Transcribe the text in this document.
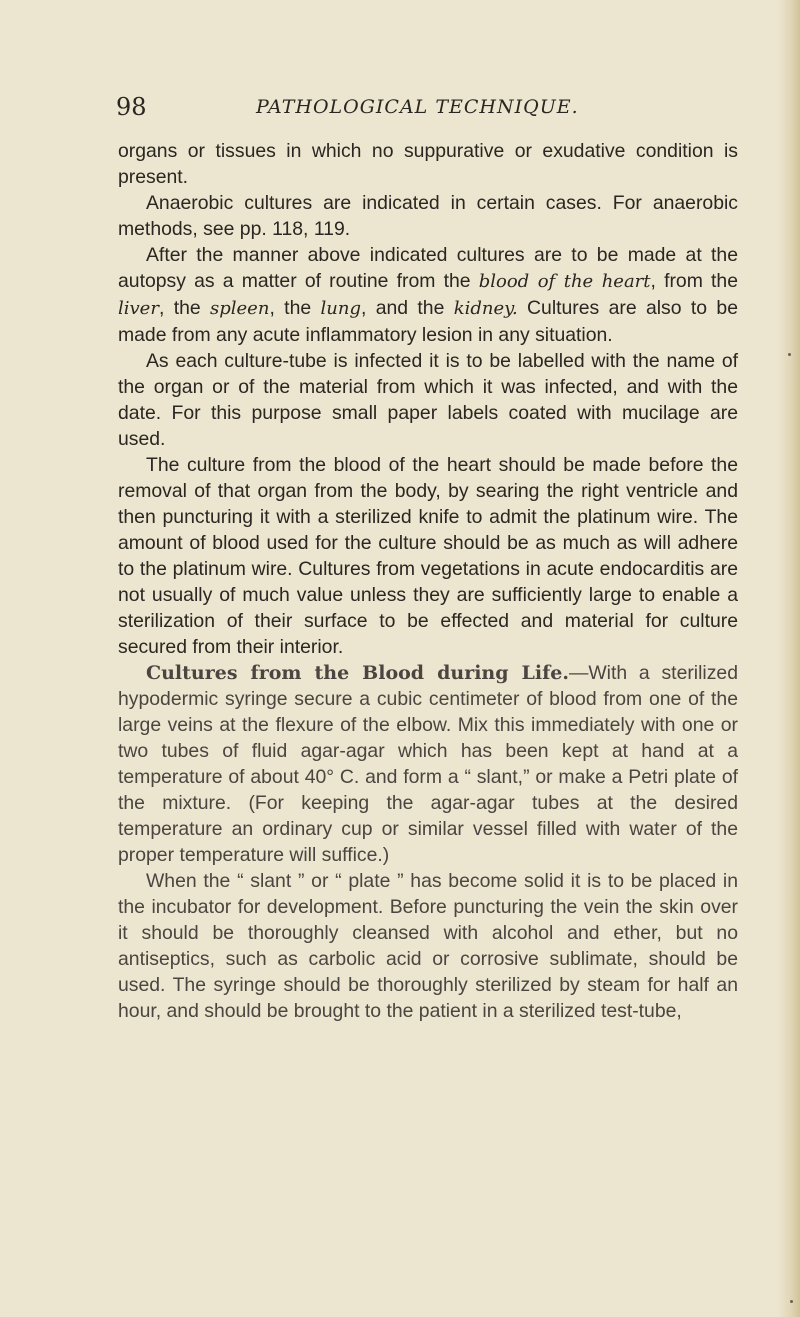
98	PATHOLOGICAL TECHNIQUE.

organs or tissues in which no suppurative or exudative condition is present.

Anaerobic cultures are indicated in certain cases. For anaerobic methods, see pp. 118, 119.

After the manner above indicated cultures are to be made at the autopsy as a matter of routine from the blood of the heart, from the liver, the spleen, the lung, and the kidney. Cultures are also to be made from any acute inflammatory lesion in any situation.

As each culture-tube is infected it is to be labelled with the name of the organ or of the material from which it was infected, and with the date. For this purpose small paper labels coated with mucilage are used.

The culture from the blood of the heart should be made before the removal of that organ from the body, by searing the right ventricle and then puncturing it with a sterilized knife to admit the platinum wire. The amount of blood used for the culture should be as much as will adhere to the platinum wire. Cultures from vegetations in acute endocarditis are not usually of much value unless they are sufficiently large to enable a sterilization of their surface to be effected and material for culture secured from their interior.

Cultures from the Blood during Life.—With a sterilized hypodermic syringe secure a cubic centimeter of blood from one of the large veins at the flexure of the elbow. Mix this immediately with one or two tubes of fluid agar-agar which has been kept at hand at a temperature of about 40° C. and form a “ slant,” or make a Petri plate of the mixture. (For keeping the agar-agar tubes at the desired temperature an ordinary cup or similar vessel filled with water of the proper temperature will suffice.)

When the “ slant ” or “ plate ” has become solid it is to be placed in the incubator for development. Before puncturing the vein the skin over it should be thoroughly cleansed with alcohol and ether, but no antiseptics, such as carbolic acid or corrosive sublimate, should be used. The syringe should be thoroughly sterilized by steam for half an hour, and should be brought to the patient in a sterilized test-tube,
